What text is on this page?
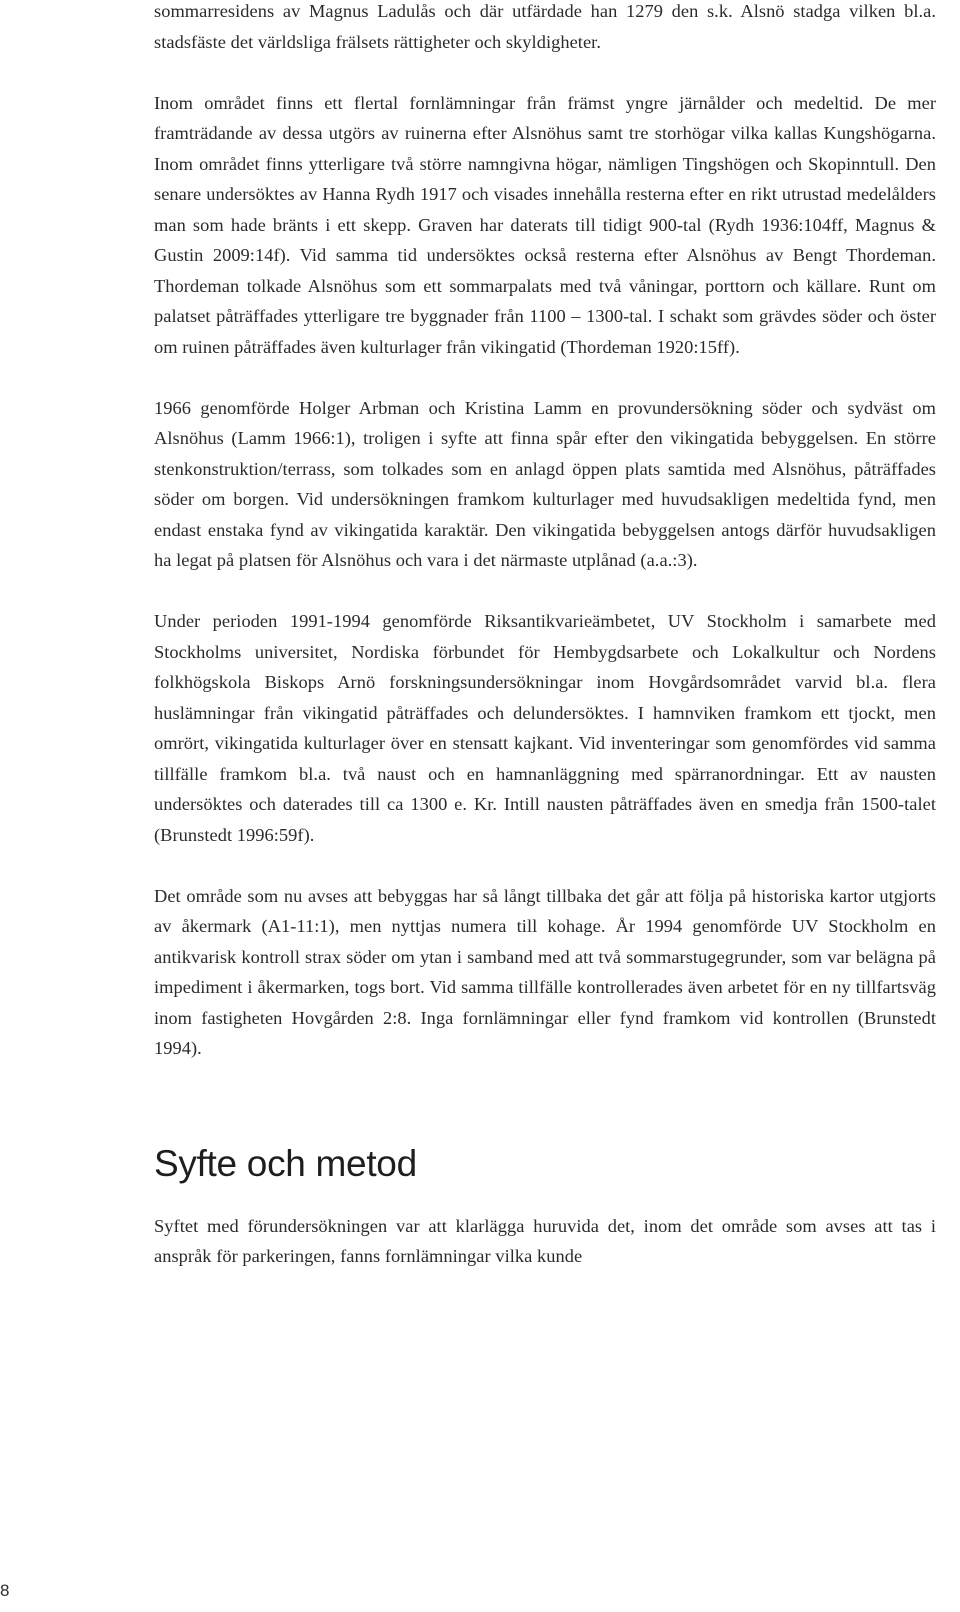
sommarresidens av Magnus Ladulås och där utfärdade han 1279 den s.k. Alsnö stadga vilken bl.a. stadsfäste det världsliga frälsets rättigheter och skyldigheter.

Inom området finns ett flertal fornlämningar från främst yngre järnålder och medeltid. De mer framträdande av dessa utgörs av ruinerna efter Alsnöhus samt tre storhögar vilka kallas Kungshögarna. Inom området finns ytterligare två större namngivna högar, nämligen Tingshögen och Skopinntull. Den senare undersöktes av Hanna Rydh 1917 och visades innehålla resterna efter en rikt utrustad medelålders man som hade bränts i ett skepp. Graven har daterats till tidigt 900-tal (Rydh 1936:104ff, Magnus & Gustin 2009:14f). Vid samma tid undersöktes också resterna efter Alsnöhus av Bengt Thordeman. Thordeman tolkade Alsnöhus som ett sommarpalats med två våningar, porttorn och källare. Runt om palatset påträffades ytterligare tre byggnader från 1100 – 1300-tal. I schakt som grävdes söder och öster om ruinen påträffades även kulturlager från vikingatid (Thordeman 1920:15ff).

1966 genomförde Holger Arbman och Kristina Lamm en provundersökning söder och sydväst om Alsnöhus (Lamm 1966:1), troligen i syfte att finna spår efter den vikingatida bebyggelsen. En större stenkonstruktion/terrass, som tolkades som en anlagd öppen plats samtida med Alsnöhus, påträffades söder om borgen. Vid undersökningen framkom kulturlager med huvudsakligen medeltida fynd, men endast enstaka fynd av vikingatida karaktär. Den vikingatida bebyggelsen antogs därför huvudsakligen ha legat på platsen för Alsnöhus och vara i det närmaste utplånad (a.a.:3).

Under perioden 1991-1994 genomförde Riksantikvarieämbetet, UV Stockholm i samarbete med Stockholms universitet, Nordiska förbundet för Hembygdsarbete och Lokalkultur och Nordens folkhögskola Biskops Arnö forskningsundersökningar inom Hovgårdsområdet varvid bl.a. flera huslämningar från vikingatid påträffades och delundersöktes. I hamnviken framkom ett tjockt, men omrört, vikingatida kulturlager över en stensatt kajkant. Vid inventeringar som genomfördes vid samma tillfälle framkom bl.a. två naust och en hamnanläggning med spärranordningar. Ett av nausten undersöktes och daterades till ca 1300 e. Kr. Intill nausten påträffades även en smedja från 1500-talet (Brunstedt 1996:59f).

Det område som nu avses att bebyggas har så långt tillbaka det går att följa på historiska kartor utgjorts av åkermark (A1-11:1), men nyttjas numera till kohage. År 1994 genomförde UV Stockholm en antikvarisk kontroll strax söder om ytan i samband med att två sommarstugegrunder, som var belägna på impediment i åkermarken, togs bort. Vid samma tillfälle kontrollerades även arbetet för en ny tillfartsväg inom fastigheten Hovgården 2:8. Inga fornlämningar eller fynd framkom vid kontrollen (Brunstedt 1994).

Syfte och metod

Syftet med förundersökningen var att klarlägga huruvida det, inom det område som avses att tas i anspråk för parkeringen, fanns fornlämningar vilka kunde

8
